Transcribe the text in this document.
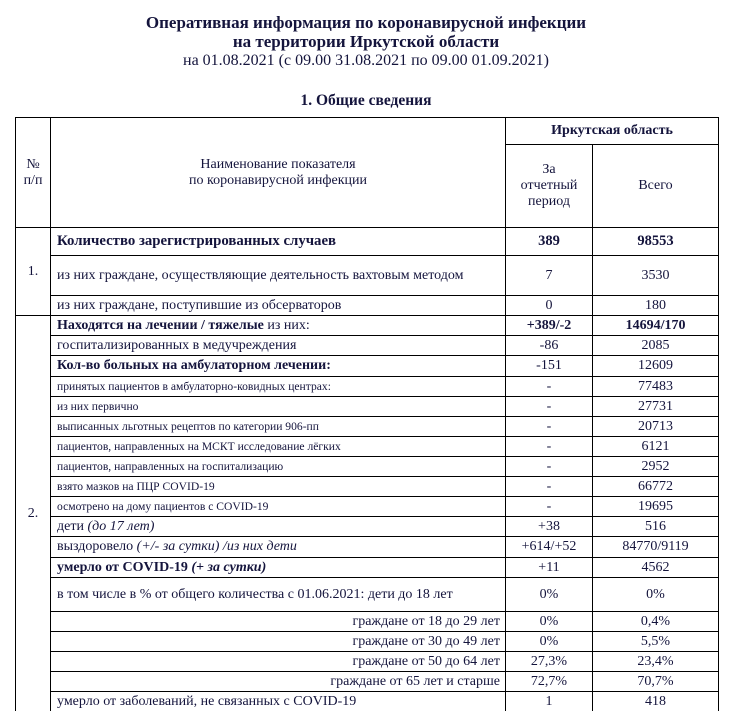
Оперативная информация по коронавирусной инфекции
на территории Иркутской области
на 01.08.2021 (с 09.00 31.08.2021 по 09.00 01.09.2021)
1. Общие сведения
№
п/п

Наименование показателя
по коронавирусной инфекции
	Иркутская область
		За отчетный период	Всего
1.	Количество зарегистрированных случаев	389	98553
	из них граждане, осуществляющие деятельность вахтовым методом	7	3530
	из них граждане, поступившие из обсерваторов	0	180
2.	Находятся на лечении / тяжелые из них:	+389/-2	14694/170
	госпитализированных в медучреждения	-86	2085
	Кол-во больных на амбулаторном лечении:	-151	12609
	принятых пациентов в амбулаторно-ковидных центрах:	-	77483
	из них первично	-	27731
	выписанных льготных рецептов по категории 906-пп	-	20713
	пациентов, направленных на МСКТ исследование лёгких	-	6121
	пациентов, направленных на госпитализацию	-	2952
	взято мазков на ПЦР COVID-19	-	66772
	осмотрено на дому пациентов с COVID-19	-	19695
	дети (до 17 лет)	+38	516
	выздоровело (+/- за сутки) /из них дети	+614/+52	84770/9119
	умерло от COVID-19 (+ за сутки)	+11	4562
	в том числе в % от общего количества с 01.06.2021: дети до 18 лет	0%	0%
	граждане от 18 до 29 лет	0%	0,4%
	граждане от 30 до 49 лет	0%	5,5%
	граждане от 50 до 64 лет	27,3%	23,4%
	граждане от 65 лет и старше	72,7%	70,7%
	умерло от заболеваний, не связанных с COVID-19	1	418
